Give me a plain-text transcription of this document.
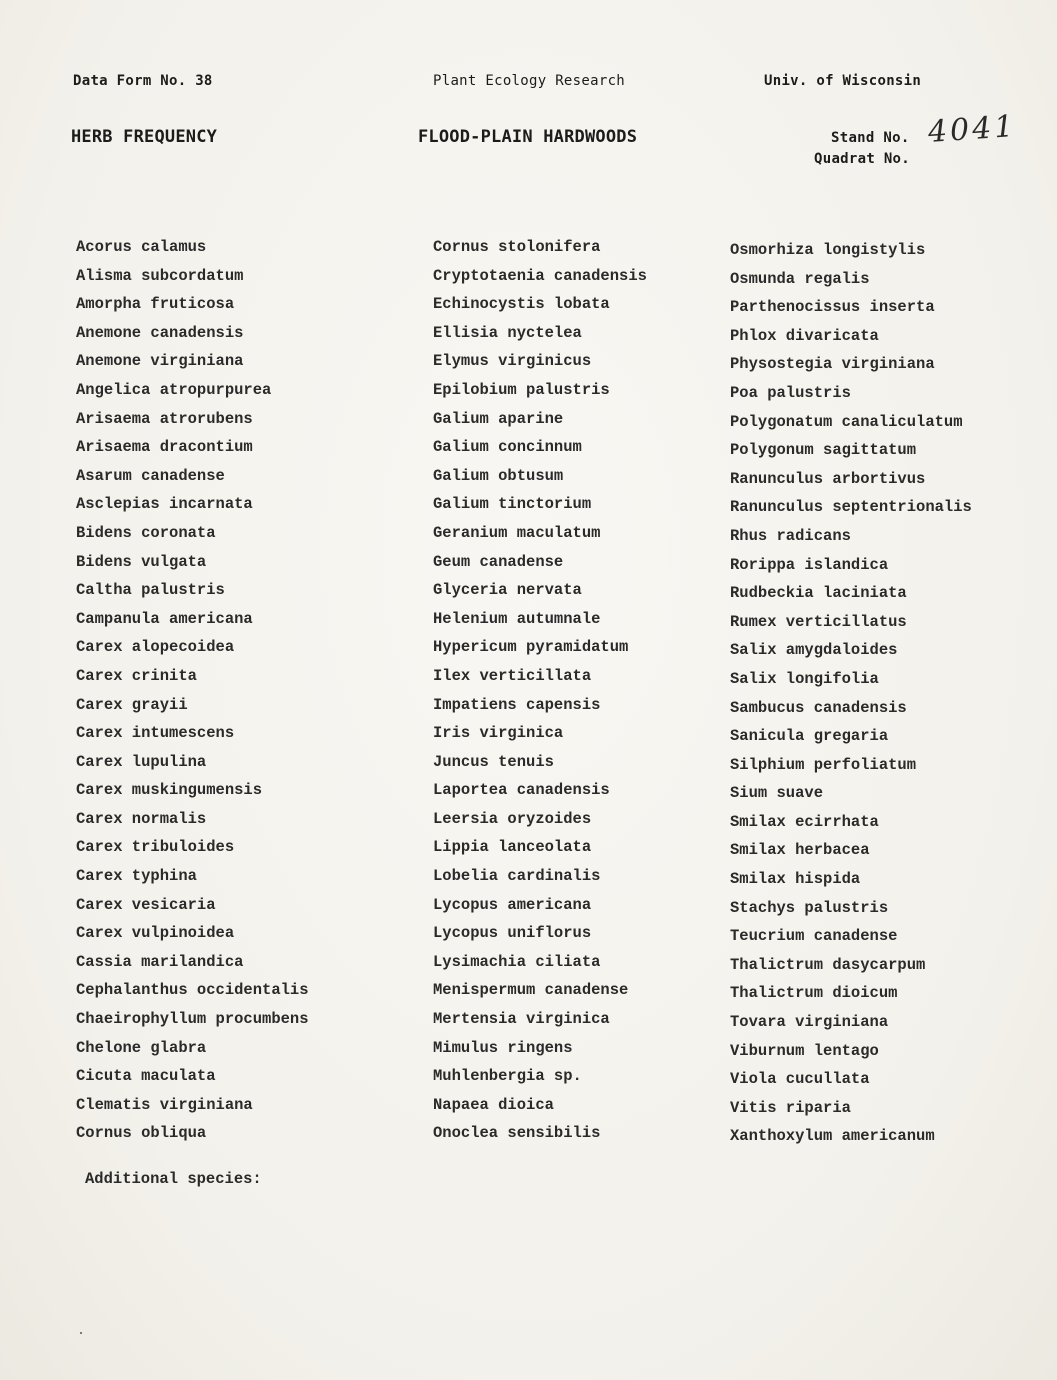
Data Form No. 38	Plant Ecology Research	Univ. of Wisconsin
HERB FREQUENCY	FLOOD-PLAIN HARDWOODS	Stand No. 4041
Quadrat No.
Acorus calamus
Alisma subcordatum
Amorpha fruticosa
Anemone canadensis
Anemone virginiana
Angelica atropurpurea
Arisaema atrorubens
Arisaema dracontium
Asarum canadense
Asclepias incarnata
Bidens coronata
Bidens vulgata
Caltha palustris
Campanula americana
Carex alopecoidea
Carex crinita
Carex grayii
Carex intumescens
Carex lupulina
Carex muskingumensis
Carex normalis
Carex tribuloides
Carex typhina
Carex vesicaria
Carex vulpinoidea
Cassia marilandica
Cephalanthus occidentalis
Chaeirophyllum procumbens
Chelone glabra
Cicuta maculata
Clematis virginiana
Cornus obliqua
Cornus stolonifera
Cryptotaenia canadensis
Echinocystis lobata
Ellisia nyctelea
Elymus virginicus
Epilobium palustris
Galium aparine
Galium concinnum
Galium obtusum
Galium tinctorium
Geranium maculatum
Geum canadense
Glyceria nervata
Helenium autumnale
Hypericum pyramidatum
Ilex verticillata
Impatiens capensis
Iris virginica
Juncus tenuis
Laportea canadensis
Leersia oryzoides
Lippia lanceolata
Lobelia cardinalis
Lycopus americana
Lycopus uniflorus
Lysimachia ciliata
Menispermum canadense
Mertensia virginica
Mimulus ringens
Muhlenbergia sp.
Napaea dioica
Onoclea sensibilis
Osmorhiza longistylis
Osmunda regalis
Parthenocissus inserta
Phlox divaricata
Physostegia virginiana
Poa palustris
Polygonatum canaliculatum
Polygonum sagittatum
Ranunculus arbortivus
Ranunculus septentrionalis
Rhus radicans
Rorippa islandica
Rudbeckia laciniata
Rumex verticillatus
Salix amygdaloides
Salix longifolia
Sambucus canadensis
Sanicula gregaria
Silphium perfoliatum
Sium suave
Smilax ecirrhata
Smilax herbacea
Smilax hispida
Stachys palustris
Teucrium canadense
Thalictrum dasycarpum
Thalictrum dioicum
Tovara virginiana
Viburnum lentago
Viola cucullata
Vitis riparia
Xanthoxylum americanum
Additional species:
